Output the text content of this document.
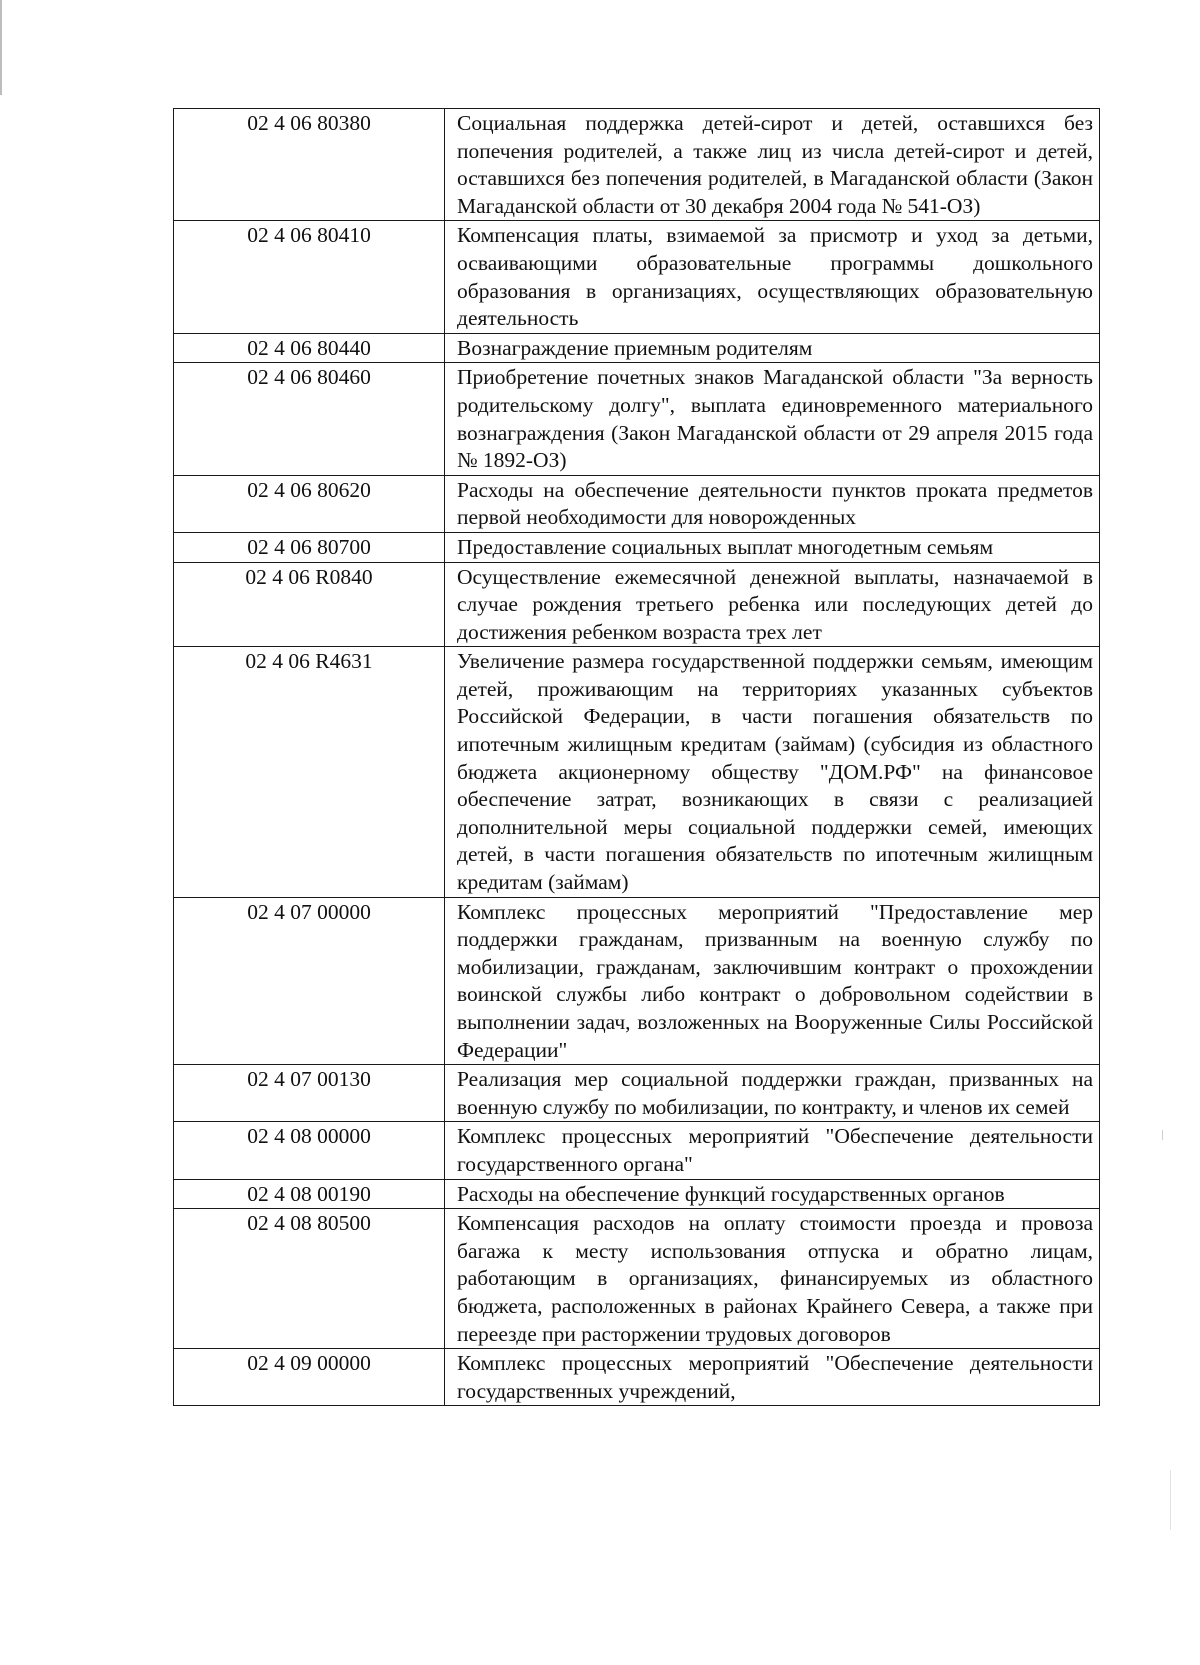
02 4 06 80380	Социальная поддержка детей-сирот и детей, оставшихся без попечения родителей, а также лиц из числа детей-сирот и детей, оставшихся без попечения родителей, в Магаданской области (Закон Магаданской области от 30 декабря 2004 года № 541-ОЗ)
02 4 06 80410	Компенсация платы, взимаемой за присмотр и уход за детьми, осваивающими образовательные программы дошкольного образования в организациях, осуществляющих образовательную деятельность
02 4 06 80440	Вознаграждение приемным родителям
02 4 06 80460	Приобретение почетных знаков Магаданской области "За верность родительскому долгу", выплата единовременного материального вознаграждения (Закон Магаданской области от 29 апреля 2015 года № 1892-ОЗ)
02 4 06 80620	Расходы на обеспечение деятельности пунктов проката предметов первой необходимости для новорожденных
02 4 06 80700	Предоставление социальных выплат многодетным семьям
02 4 06 R0840	Осуществление ежемесячной денежной выплаты, назначаемой в случае рождения третьего ребенка или последующих детей до достижения ребенком возраста трех лет
02 4 06 R4631	Увеличение размера государственной поддержки семьям, имеющим детей, проживающим на территориях указанных субъектов Российской Федерации, в части погашения обязательств по ипотечным жилищным кредитам (займам) (субсидия из областного бюджета акционерному обществу "ДОМ.РФ" на финансовое обеспечение затрат, возникающих в связи с реализацией дополнительной меры социальной поддержки семей, имеющих детей, в части погашения обязательств по ипотечным жилищным кредитам (займам)
02 4 07 00000	Комплекс процессных мероприятий "Предоставление мер поддержки гражданам, призванным на военную службу по мобилизации, гражданам, заключившим контракт о прохождении воинской службы либо контракт о добровольном содействии в выполнении задач, возложенных на Вооруженные Силы Российской Федерации"
02 4 07 00130	Реализация мер социальной поддержки граждан, призванных на военную службу по мобилизации, по контракту, и членов их семей
02 4 08 00000	Комплекс процессных мероприятий "Обеспечение деятельности государственного органа"
02 4 08 00190	Расходы на обеспечение функций государственных органов
02 4 08 80500	Компенсация расходов на оплату стоимости проезда и провоза багажа к месту использования отпуска и обратно лицам, работающим в организациях, финансируемых из областного бюджета, расположенных в районах Крайнего Севера, а также при переезде при расторжении трудовых договоров
02 4 09 00000	Комплекс процессных мероприятий "Обеспечение деятельности государственных учреждений,
